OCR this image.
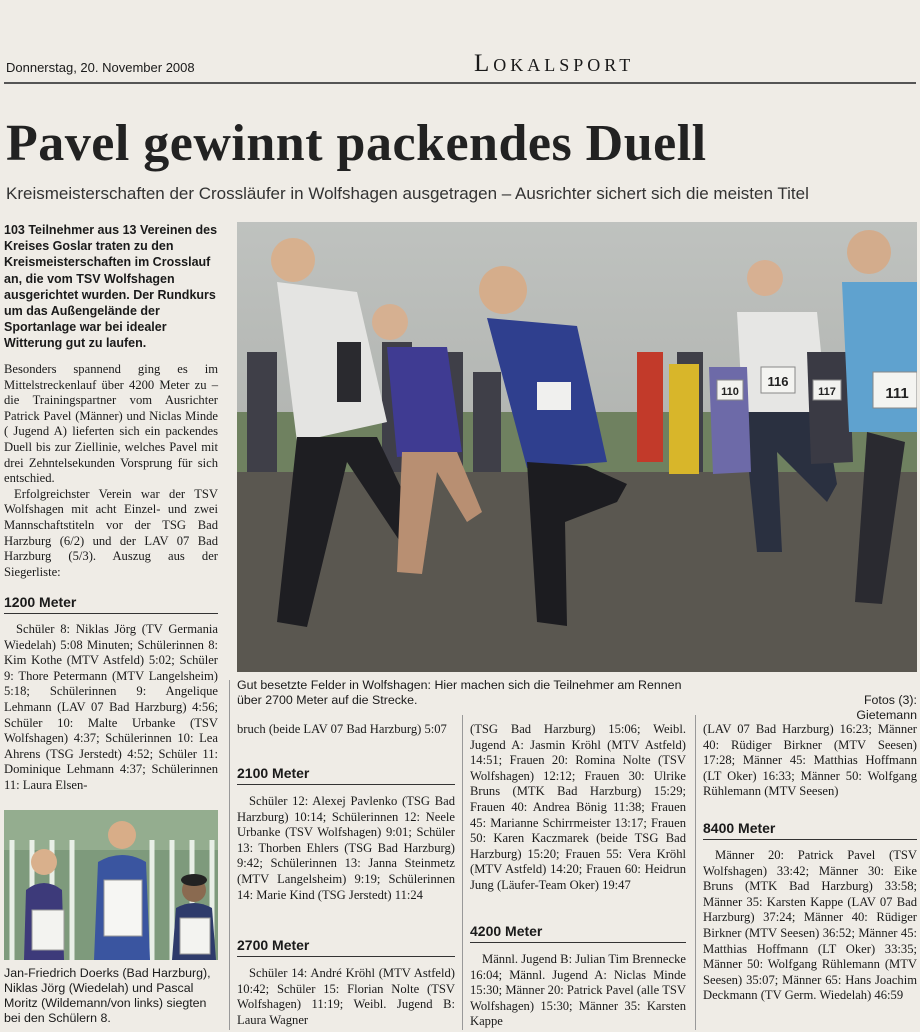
Donnerstag, 20. November 2008	Lokalsport
Pavel gewinnt packendes Duell
Kreismeisterschaften der Crossläufer in Wolfshagen ausgetragen – Ausrichter sichert sich die meisten Titel
103 Teilnehmer aus 13 Vereinen des Kreises Goslar traten zu den Kreismeisterschaften im Crosslauf an, die vom TSV Wolfshagen ausgerichtet wurden. Der Rundkurs um das Außengelände der Sportanlage war bei idealer Witterung gut zu laufen.
Besonders spannend ging es im Mittelstreckenlauf über 4200 Meter zu – die Trainingspartner vom Ausrichter Patrick Pavel (Männer) und Niclas Minde ( Jugend A) lieferten sich ein packendes Duell bis zur Ziellinie, welches Pavel mit drei Zehntelsekunden Vorsprung für sich entschied.
Erfolgreichster Verein war der TSV Wolfshagen mit acht Einzel- und zwei Mannschaftstiteln vor der TSG Bad Harzburg (6/2) und der LAV 07 Bad Harzburg (5/3). Auszug aus der Siegerliste:
1200 Meter
Schüler 8: Niklas Jörg (TV Germania Wiedelah) 5:08 Minuten; Schülerinnen 8: Kim Kothe (MTV Astfeld) 5:02; Schüler 9: Thore Petermann (MTV Langelsheim) 5:18; Schülerinnen 9: Angelique Lehmann (LAV 07 Bad Harzburg) 4:56; Schüler 10: Malte Urbanke (TSV Wolfshagen) 4:37; Schülerinnen 10: Lea Ahrens (TSG Jerstedt) 4:52; Schüler 11: Dominique Lehmann 4:37; Schülerinnen 11: Laura Elsen-
Jan-Friedrich Doerks (Bad Harzburg), Niklas Jörg (Wiedelah) und Pascal Moritz (Wildemann/von links) siegten bei den Schülern 8.
116
110	117	111
Gut besetzte Felder in Wolfshagen: Hier machen sich die Teilnehmer am Rennen über 2700 Meter auf die Strecke.	Fotos (3): Gietemann
bruch (beide LAV 07 Bad Harzburg) 5:07
2100 Meter
Schüler 12: Alexej Pavlenko (TSG Bad Harzburg) 10:14; Schülerinnen 12: Neele Urbanke (TSV Wolfshagen) 9:01; Schüler 13: Thorben Ehlers (TSG Bad Harzburg) 9:42; Schülerinnen 13: Janna Steinmetz (MTV Langelsheim) 9:19; Schülerinnen 14: Marie Kind (TSG Jerstedt) 11:24
2700 Meter
Schüler 14: André Kröhl (MTV Astfeld) 10:42; Schüler 15: Florian Nolte (TSV Wolfshagen) 11:19; Weibl. Jugend B: Laura Wagner
(TSG Bad Harzburg) 15:06; Weibl. Jugend A: Jasmin Kröhl (MTV Astfeld) 14:51; Frauen 20: Romina Nolte (TSV Wolfshagen) 12:12; Frauen 30: Ulrike Bruns (MTK Bad Harzburg) 15:29; Frauen 40: Andrea Bönig 11:38; Frauen 45: Marianne Schirrmeister 13:17; Frauen 50: Karen Kaczmarek (beide TSG Bad Harzburg) 15:20; Frauen 55: Vera Kröhl (MTV Astfeld) 14:20; Frauen 60: Heidrun Jung (Läufer-Team Oker) 19:47
4200 Meter
Männl. Jugend B: Julian Tim Brennecke 16:04; Männl. Jugend A: Niclas Minde 15:30; Männer 20: Patrick Pavel (alle TSV Wolfshagen) 15:30; Männer 35: Karsten Kappe
(LAV 07 Bad Harzburg) 16:23; Männer 40: Rüdiger Birkner (MTV Seesen) 17:28; Männer 45: Matthias Hoffmann (LT Oker) 16:33; Männer 50: Wolfgang Rühlemann (MTV Seesen)
8400 Meter
Männer 20: Patrick Pavel (TSV Wolfshagen) 33:42; Männer 30: Eike Bruns (MTK Bad Harzburg) 33:58; Männer 35: Karsten Kappe (LAV 07 Bad Harzburg) 37:24; Männer 40: Rüdiger Birkner (MTV Seesen) 36:52; Männer 45: Matthias Hoffmann (LT Oker) 33:35; Männer 50: Wolfgang Rühlemann (MTV Seesen) 35:07; Männer 65: Hans Joachim Deckmann (TV Germ. Wiedelah) 46:59
